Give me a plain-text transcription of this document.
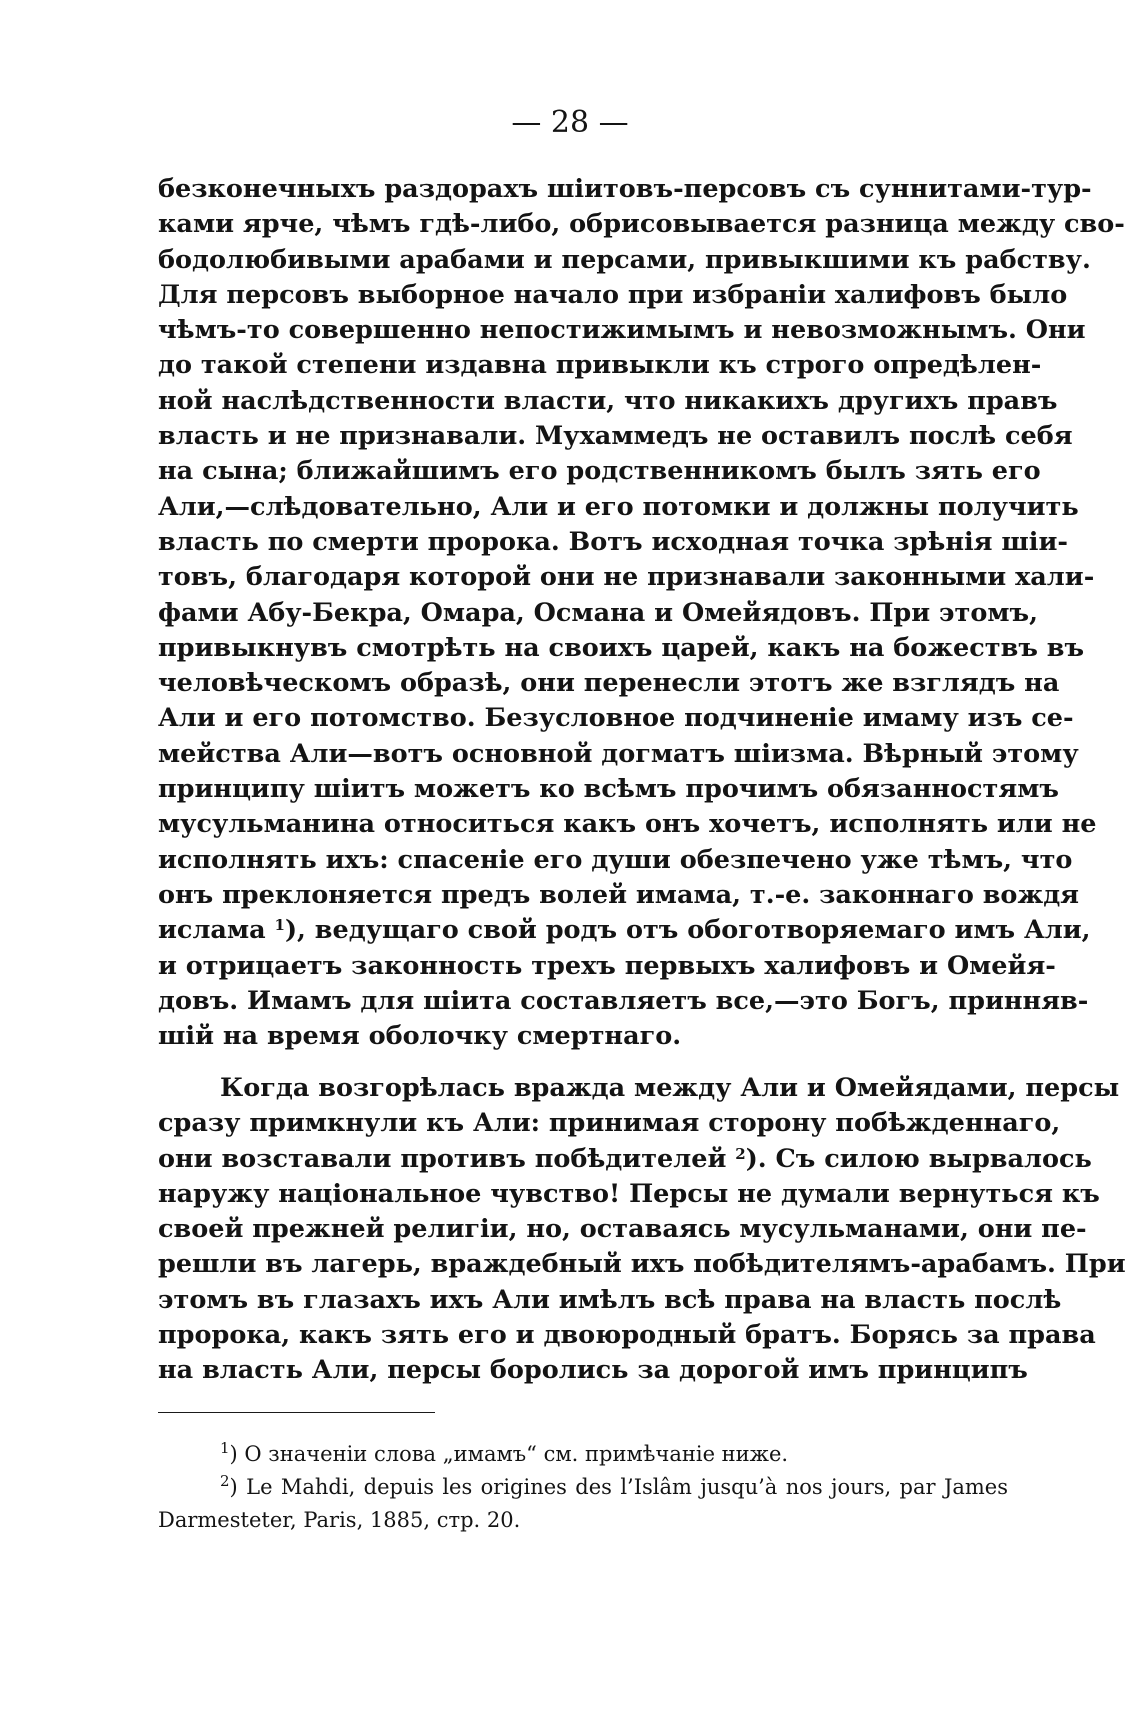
— 28 —
безконечныхъ раздорахъ шiитовъ-персовъ съ суннитами-тур-
ками ярче, чѣмъ гдѣ-либо, обрисовывается разница между сво-
бодолюбивыми арабами и персами, привыкшими къ рабству.
Для персовъ выборное начало при избранiи халифовъ было
чѣмъ-то совершенно непостижимымъ и невозможнымъ. Они
до такой степени издавна привыкли къ строго опредѣлен-
ной наслѣдственности власти, что никакихъ другихъ правъ
власть и не признавали. Мухаммедъ не оставилъ послѣ себя
на сына; ближайшимъ его родственникомъ былъ зять его
Али,—слѣдовательно, Али и его потомки и должны получить
власть по смерти пророка. Вотъ исходная точка зрѣнiя шiи-
товъ, благодаря которой они не признавали законными хали-
фами Абу-Бекра, Омара, Османа и Омейядовъ. При этомъ,
привыкнувъ смотрѣть на своихъ царей, какъ на божествъ въ
человѣческомъ образѣ, они перенесли этотъ же взглядъ на
Али и его потомство. Безусловное подчиненiе имаму изъ се-
мейства Али—вотъ основной догматъ шiизма. Вѣрный этому
принципу шiитъ можетъ ко всѣмъ прочимъ обязанностямъ
мусульманина относиться какъ онъ хочетъ, исполнять или не
исполнять ихъ: спасенiе его души обезпечено уже тѣмъ, что
онъ преклоняется предъ волей имама, т.-е. законнаго вождя
ислама $^1$), ведущаго свой родъ отъ обоготворяемаго имъ Али,
и отрицаетъ законность трехъ первыхъ халифовъ и Омейя-
довъ. Имамъ для шiита составляетъ все,—это Богъ, принняв-
шiй на время оболочку смертнаго.
Когда возгорѣлась вражда между Али и Омейядами, персы
сразу примкнули къ Али: принимая сторону побѣжденнаго,
они возставали противъ побѣдителей $^2$). Съ силою вырвалось
наружу нацiональное чувство! Персы не думали вернуться къ
своей прежней религiи, но, оставаясь мусульманами, они пе-
решли въ лагерь, враждебный ихъ побѣдителямъ-арабамъ. При
этомъ въ глазахъ ихъ Али имѣлъ всѣ права на власть послѣ
пророка, какъ зять его и двоюродный братъ. Борясь за права
на власть Али, персы боролись за дорогой имъ принципъ
$^1$) О значенiи слова „имамъ“ см. примѣчанiе ниже.
$^2$) Le Mahdi, depuis les origines des l’Islâm jusqu’à nos jours, par James
Darmesteter, Paris, 1885, стр. 20.
